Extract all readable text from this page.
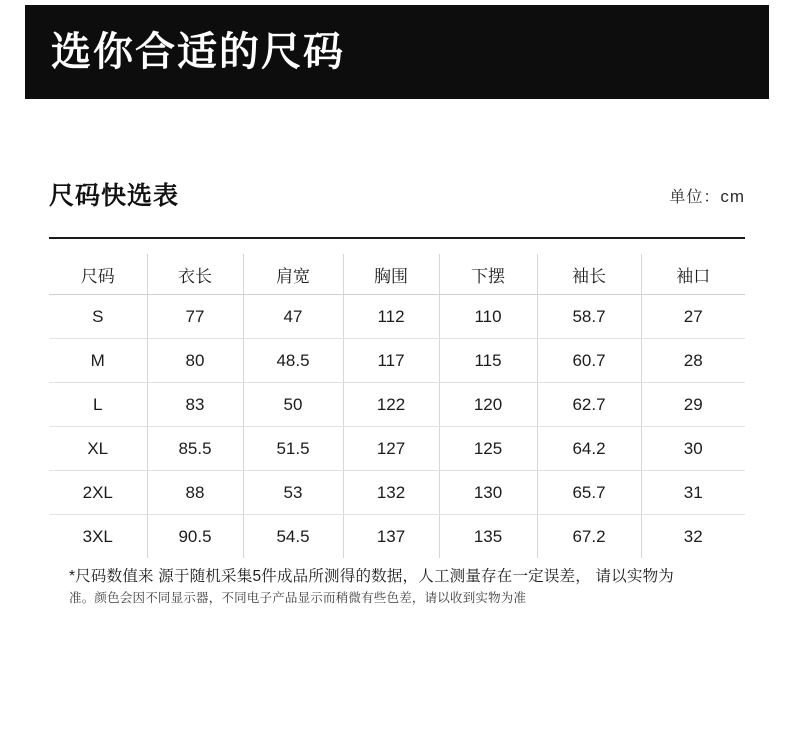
选你合适的尺码
尺码快选表	单位：cm
尺码	衣长	肩宽	胸围	下摆	袖长	袖口
S	77	47	112	110	58.7	27
M	80	48.5	117	115	60.7	28
L	83	50	122	120	62.7	29
XL	85.5	51.5	127	125	64.2	30
2XL	88	53	132	130	65.7	31
3XL	90.5	54.5	137	135	67.2	32
*尺码数值来 源于随机采集5件成品所测得的数据，人工测量存在一定误差， 请以实物为
准。颜色会因不同显示器，不同电子产品显示而稍微有些色差，请以收到实物为准
